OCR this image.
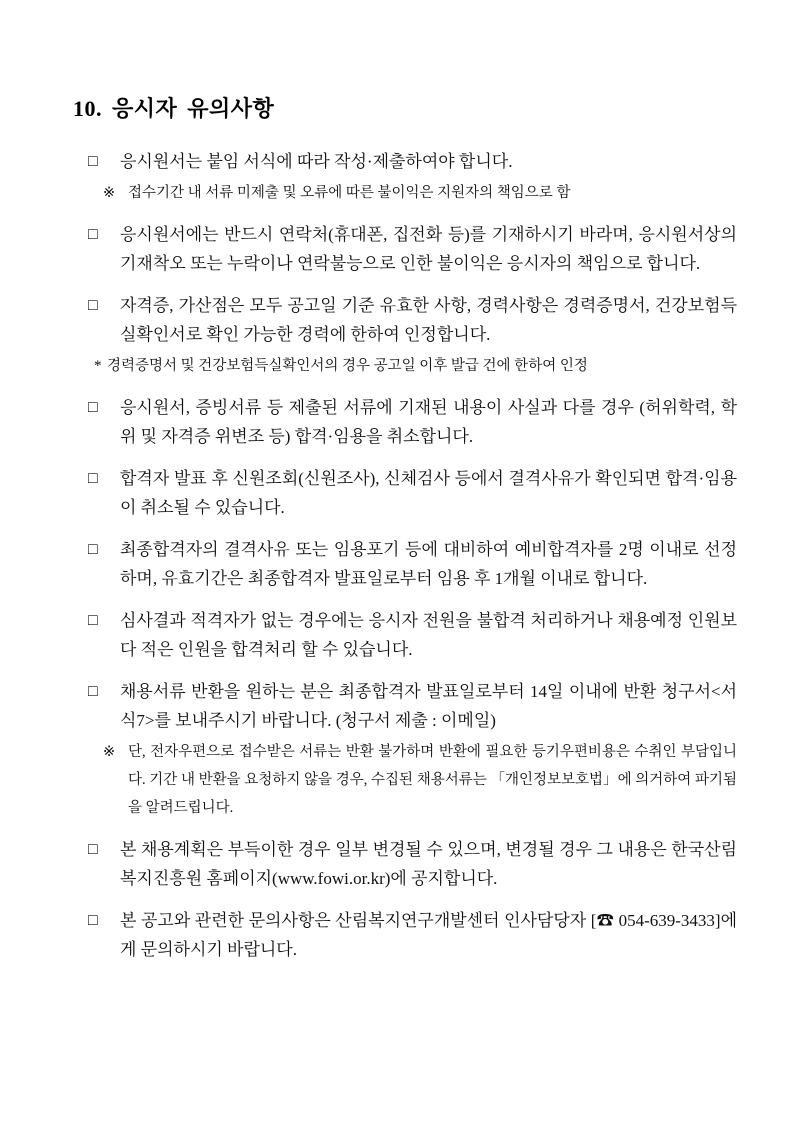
10. 응시자 유의사항
□	응시원서는 붙임 서식에 따라 작성·제출하여야 합니다.
※ 접수기간 내 서류 미제출 및 오류에 따른 불이익은 지원자의 책임으로 함
□	응시원서에는 반드시 연락처(휴대폰, 집전화 등)를 기재하시기 바라며, 응시원서상의 기재착오 또는 누락이나 연락불능으로 인한 불이익은 응시자의 책임으로 합니다.
□	자격증, 가산점은 모두 공고일 기준 유효한 사항, 경력사항은 경력증명서, 건강보험득실확인서로 확인 가능한 경력에 한하여 인정합니다.
* 경력증명서 및 건강보험득실확인서의 경우 공고일 이후 발급 건에 한하여 인정
□	응시원서, 증빙서류 등 제출된 서류에 기재된 내용이 사실과 다를 경우 (허위학력, 학위 및 자격증 위변조 등) 합격·임용을 취소합니다.
□	합격자 발표 후 신원조회(신원조사), 신체검사 등에서 결격사유가 확인되면 합격·임용이 취소될 수 있습니다.
□	최종합격자의 결격사유 또는 임용포기 등에 대비하여 예비합격자를 2명 이내로 선정하며, 유효기간은 최종합격자 발표일로부터 임용 후 1개월 이내로 합니다.
□	심사결과 적격자가 없는 경우에는 응시자 전원을 불합격 처리하거나 채용예정 인원보다 적은 인원을 합격처리 할 수 있습니다.
□	채용서류 반환을 원하는 분은 최종합격자 발표일로부터 14일 이내에 반환 청구서<서식7>를 보내주시기 바랍니다. (청구서 제출 : 이메일)
※ 단, 전자우편으로 접수받은 서류는 반환 불가하며 반환에 필요한 등기우편비용은 수취인 부담입니다. 기간 내 반환을 요청하지 않을 경우, 수집된 채용서류는 「개인정보보호법」에 의거하여 파기됨을 알려드립니다.
□	본 채용계획은 부득이한 경우 일부 변경될 수 있으며, 변경될 경우 그 내용은 한국산림복지진흥원 홈페이지(www.fowi.or.kr)에 공지합니다.
□	본 공고와 관련한 문의사항은 산림복지연구개발센터 인사담당자 [☎ 054-639-3433]에게 문의하시기 바랍니다.
